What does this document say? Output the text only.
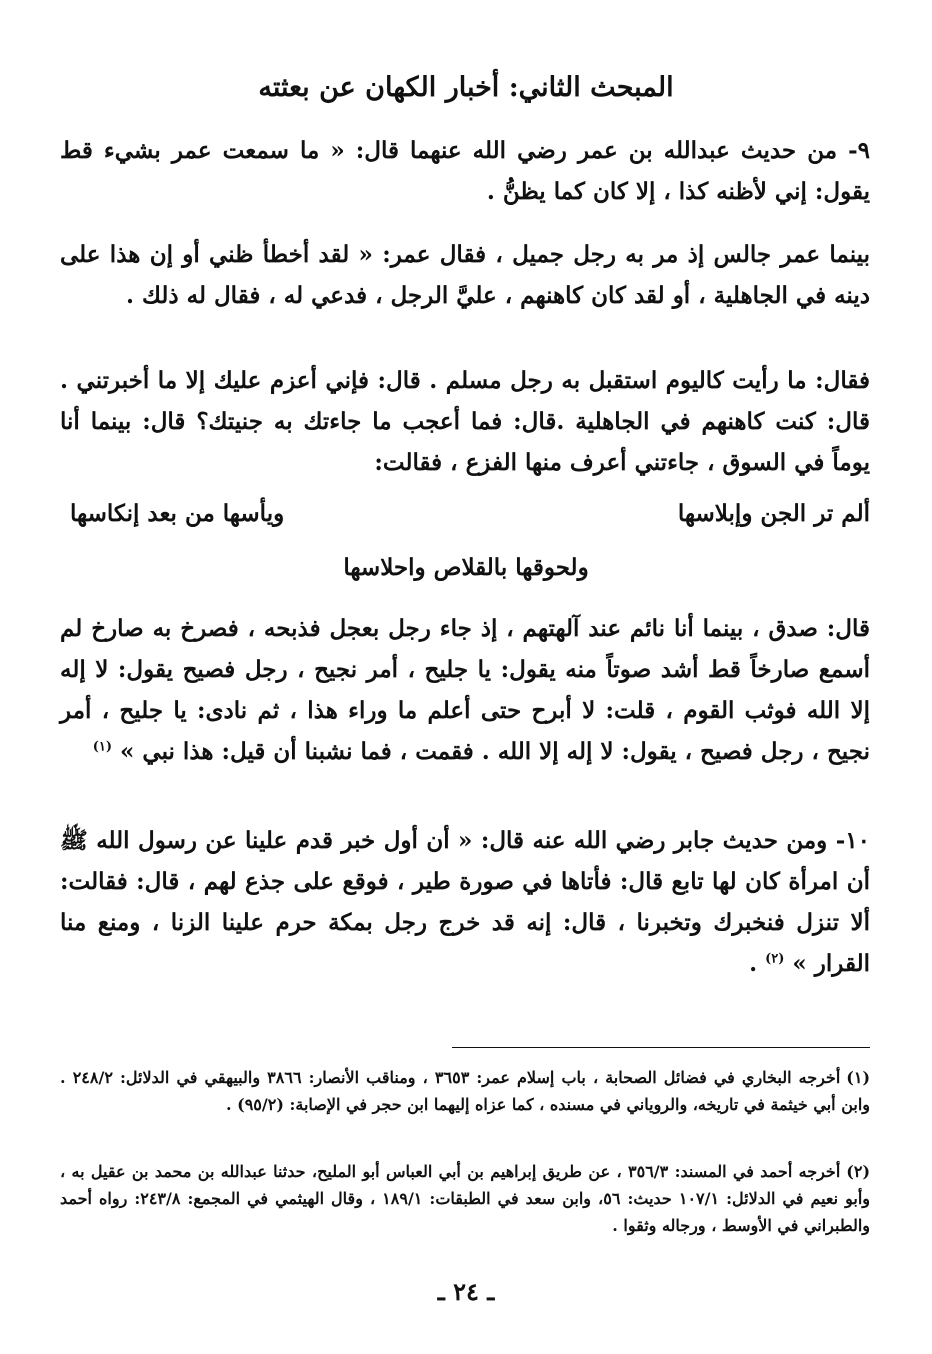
المبحث الثاني: أخبار الكهان عن بعثته
٩- من حديث عبدالله بن عمر رضي الله عنهما قال: « ما سمعت عمر بشيء قط يقول: إني لأظنه كذا ، إلا كان كما يظنُّ .
بينما عمر جالس إذ مر به رجل جميل ، فقال عمر: « لقد أخطأ ظني أو إن هذا على دينه في الجاهلية ، أو لقد كان كاهنهم ، عليَّ الرجل ، فدعي له ، فقال له ذلك .
فقال: ما رأيت كاليوم استقبل به رجل مسلم . قال: فإني أعزم عليك إلا ما أخبرتني . قال: كنت كاهنهم في الجاهلية .قال: فما أعجب ما جاءتك به جنيتك؟ قال: بينما أنا يوماً في السوق ، جاءتني أعرف منها الفزع ، فقالت:
ألم تر الجن وإبلاسها
ويأسها من بعد إنكاسها
ولحوقها بالقلاص واحلاسها
قال: صدق ، بينما أنا نائم عند آلهتهم ، إذ جاء رجل بعجل فذبحه ، فصرخ به صارخ لم أسمع صارخاً قط أشد صوتاً منه يقول: يا جليح ، أمر نجيح ، رجل فصيح يقول: لا إله إلا الله فوثب القوم ، قلت: لا أبرح حتى أعلم ما وراء هذا ، ثم نادى: يا جليح ، أمر نجيح ، رجل فصيح ، يقول: لا إله إلا الله . فقمت ، فما نشبنا أن قيل: هذا نبي » $^{(١)}$
١٠- ومن حديث جابر رضي الله عنه قال: « أن أول خبر قدم علينا عن رسول الله ﷺ أن امرأة كان لها تابع قال: فأتاها في صورة طير ، فوقع على جذع لهم ، قال: فقالت: ألا تنزل فنخبرك وتخبرنا ، قال: إنه قد خرج رجل بمكة حرم علينا الزنا ، ومنع منا القرار » $^{(٢)}$ .
(١)أخرجه البخاري في فضائل الصحابة ، باب إسلام عمر: ٣٦٥٣ ، ومناقب الأنصار: ٣٨٦٦ والبيهقي في الدلائل: ٢٤٨/٢ . وابن أبي خيثمة في تاريخه، والروياني في مسنده ، كما عزاه إليهما ابن حجر في الإصابة: (٩٥/٢) .
(٢)أخرجه أحمد في المسند: ٣٥٦/٣ ، عن طريق إبراهيم بن أبي العباس أبو المليح، حدثنا عبدالله بن محمد بن عقيل به ، وأبو نعيم في الدلائل: ١٠٧/١ حديث: ٥٦، وابن سعد في الطبقات: ١٨٩/١ ، وقال الهيثمي في المجمع: ٢٤٣/٨: رواه أحمد والطبراني في الأوسط ، ورجاله وثقوا .
ـ ٢٤ ـ
